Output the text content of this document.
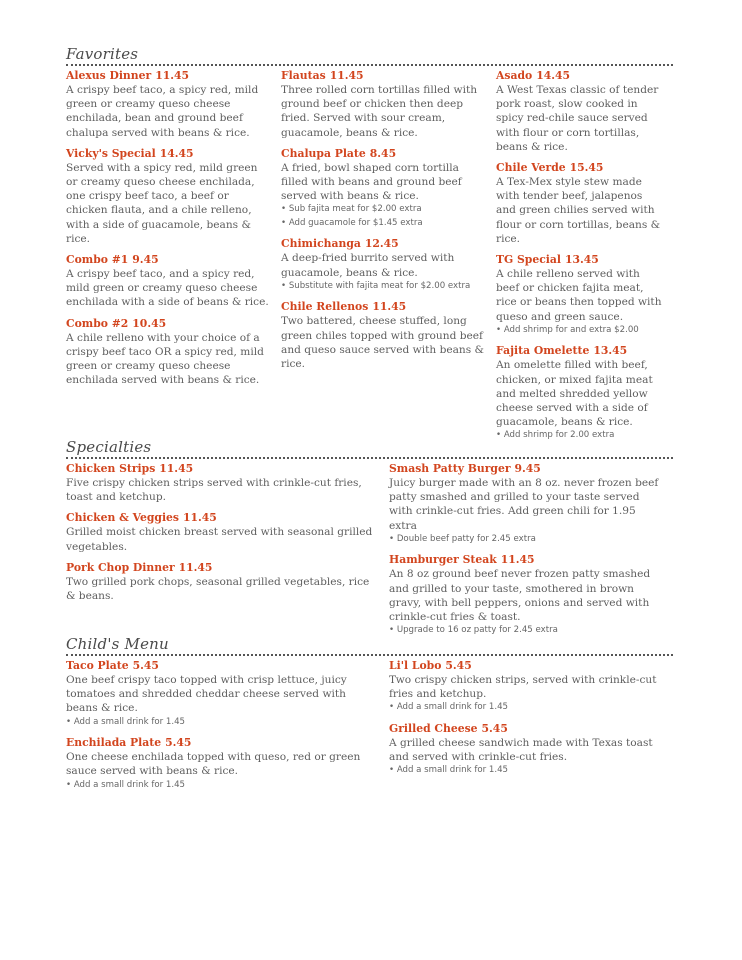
Favorites
Alexus Dinner 11.45
A crispy beef taco, a spicy red, mild green or creamy queso cheese enchilada, bean and ground beef chalupa served with beans & rice.
Vicky's Special 14.45
Served with a spicy red, mild green or creamy queso cheese enchilada, one crispy beef taco, a beef or chicken flauta, and a chile relleno, with a side of guacamole, beans & rice.
Combo #1 9.45
A crispy beef taco, and a spicy red, mild green or creamy queso cheese enchilada with a side of beans & rice.
Combo #2 10.45
A chile relleno with your choice of a crispy beef taco OR a spicy red, mild green or creamy queso cheese enchilada served with beans & rice.
Flautas 11.45
Three rolled corn tortillas filled with ground beef or chicken then deep fried. Served with sour cream, guacamole, beans & rice.
Chalupa Plate 8.45
A fried, bowl shaped corn tortilla filled with beans and ground beef served with beans & rice.
• Sub fajita meat for $2.00 extra
• Add guacamole for $1.45 extra
Chimichanga 12.45
A deep-fried burrito served with guacamole, beans & rice.
• Substitute with fajita meat for $2.00 extra
Chile Rellenos 11.45
Two battered, cheese stuffed, long green chiles topped with ground beef and queso sauce served with beans & rice.
Asado 14.45
A West Texas classic of tender pork roast, slow cooked in spicy red-chile sauce served with flour or corn tortillas, beans & rice.
Chile Verde 15.45
A Tex-Mex style stew made with tender beef, jalapenos and green chilies served with flour or corn tortillas, beans & rice.
TG Special 13.45
A chile relleno served with beef or chicken fajita meat, rice or beans then topped with queso and green sauce.
• Add shrimp for and extra $2.00
Fajita Omelette 13.45
An omelette filled with beef, chicken, or mixed fajita meat and melted shredded yellow cheese served with a side of guacamole, beans & rice.
• Add shrimp for 2.00 extra
Specialties
Chicken Strips 11.45
Five crispy chicken strips served with crinkle-cut fries, toast and ketchup.
Chicken & Veggies 11.45
Grilled moist chicken breast served with seasonal grilled vegetables.
Pork Chop Dinner 11.45
Two grilled pork chops, seasonal grilled vegetables, rice & beans.
Smash Patty Burger 9.45
Juicy burger made with an 8 oz. never frozen beef patty smashed and grilled to your taste served with crinkle-cut fries. Add green chili for 1.95 extra
• Double beef patty for 2.45 extra
Hamburger Steak 11.45
An 8 oz ground beef never frozen patty smashed and grilled to your taste, smothered in brown gravy, with bell peppers, onions and served with crinkle-cut fries & toast.
• Upgrade to 16 oz patty for 2.45 extra
Child's Menu
Taco Plate 5.45
One beef crispy taco topped with crisp lettuce, juicy tomatoes and shredded cheddar cheese served with beans & rice.
• Add a small drink for 1.45
Enchilada Plate 5.45
One cheese enchilada topped with queso, red or green sauce served with beans & rice.
• Add a small drink for 1.45
Li'l Lobo 5.45
Two crispy chicken strips, served with crinkle-cut fries and ketchup.
• Add a small drink for 1.45
Grilled Cheese 5.45
A grilled cheese sandwich made with Texas toast and served with crinkle-cut fries.
• Add a small drink for 1.45
